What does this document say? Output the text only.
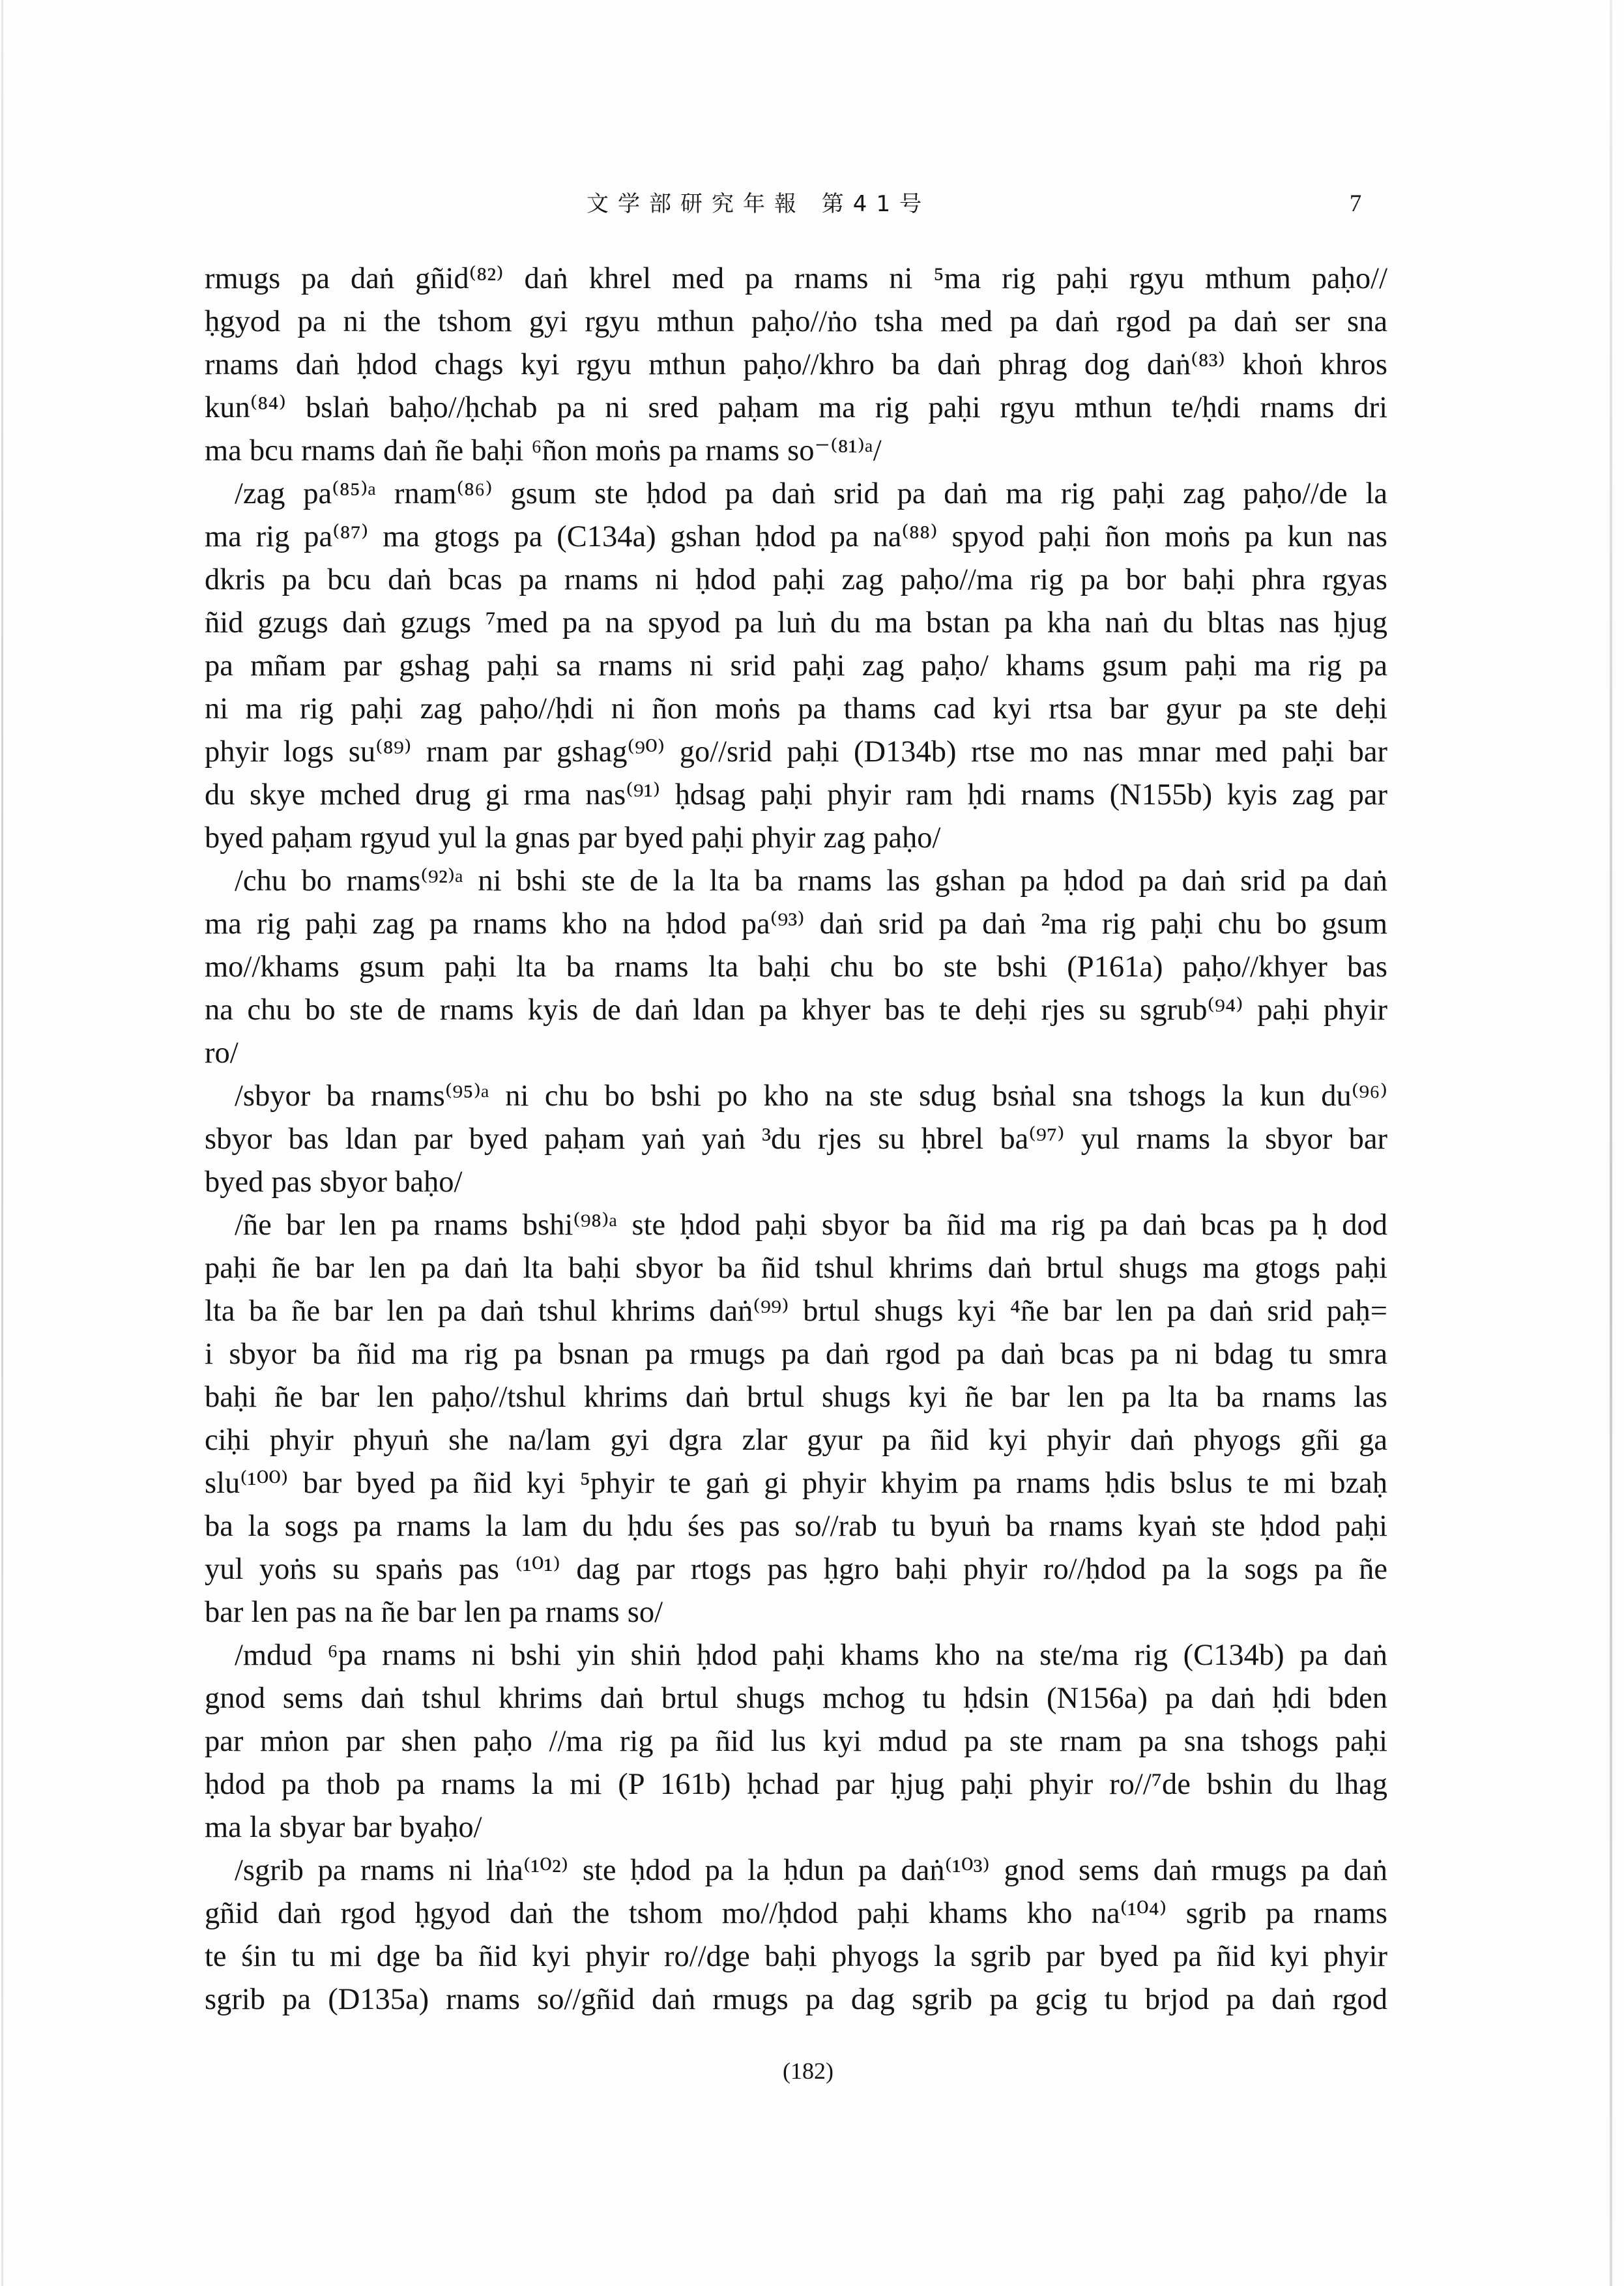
文学部研究年報 第41号	7
rmugs pa daṅ gñid⁽⁸²⁾ daṅ khrel med pa rnams ni ⁵ma rig paḥi rgyu mthum paḥo//
ḥgyod pa ni the tshom gyi rgyu mthun paḥo//ṅo tsha med pa daṅ rgod pa daṅ ser sna
rnams daṅ ḥdod chags kyi rgyu mthun paḥo//khro ba daṅ phrag dog daṅ⁽⁸³⁾ khoṅ khros
kun⁽⁸⁴⁾ bslaṅ baḥo//ḥchab pa ni sred paḥam ma rig paḥi rgyu mthun te/ḥdi rnams dri
ma bcu rnams daṅ ñe baḥi ⁶ñon moṅs pa rnams so⁻⁽⁸¹⁾ᵃ/
/zag pa⁽⁸⁵⁾ᵃ rnam⁽⁸⁶⁾ gsum ste ḥdod pa daṅ srid pa daṅ ma rig paḥi zag paḥo//de la
ma rig pa⁽⁸⁷⁾ ma gtogs pa (C134a) gshan ḥdod pa na⁽⁸⁸⁾ spyod paḥi ñon moṅs pa kun nas
dkris pa bcu daṅ bcas pa rnams ni ḥdod paḥi zag paḥo//ma rig pa bor baḥi phra rgyas
ñid gzugs daṅ gzugs ⁷med pa na spyod pa luṅ du ma bstan pa kha naṅ du bltas nas ḥjug
pa mñam par gshag paḥi sa rnams ni srid paḥi zag paḥo/ khams gsum paḥi ma rig pa
ni ma rig paḥi zag paḥo//ḥdi ni ñon moṅs pa thams cad kyi rtsa bar gyur pa ste deḥi
phyir logs su⁽⁸⁹⁾ rnam par gshag⁽⁹⁰⁾ go//srid paḥi (D134b) rtse mo nas mnar med paḥi bar
du skye mched drug gi rma nas⁽⁹¹⁾ ḥdsag paḥi phyir ram ḥdi rnams (N155b) kyis zag par
byed paḥam rgyud yul la gnas par byed paḥi phyir zag paḥo/
/chu bo rnams⁽⁹²⁾ᵃ ni bshi ste de la lta ba rnams las gshan pa ḥdod pa daṅ srid pa daṅ
ma rig paḥi zag pa rnams kho na ḥdod pa⁽⁹³⁾ daṅ srid pa daṅ ²ma rig paḥi chu bo gsum
mo//khams gsum paḥi lta ba rnams lta baḥi chu bo ste bshi (P161a) paḥo//khyer bas
na chu bo ste de rnams kyis de daṅ ldan pa khyer bas te deḥi rjes su sgrub⁽⁹⁴⁾ paḥi phyir
ro/
/sbyor ba rnams⁽⁹⁵⁾ᵃ ni chu bo bshi po kho na ste sdug bsṅal sna tshogs la kun du⁽⁹⁶⁾
sbyor bas ldan par byed paḥam yaṅ yaṅ ³du rjes su ḥbrel ba⁽⁹⁷⁾ yul rnams la sbyor bar
byed pas sbyor baḥo/
/ñe bar len pa rnams bshi⁽⁹⁸⁾ᵃ ste ḥdod paḥi sbyor ba ñid ma rig pa daṅ bcas pa ḥ dod
paḥi ñe bar len pa daṅ lta baḥi sbyor ba ñid tshul khrims daṅ brtul shugs ma gtogs paḥi
lta ba ñe bar len pa daṅ tshul khrims daṅ⁽⁹⁹⁾ brtul shugs kyi ⁴ñe bar len pa daṅ srid paḥ=
i sbyor ba ñid ma rig pa bsnan pa rmugs pa daṅ rgod pa daṅ bcas pa ni bdag tu smra
baḥi ñe bar len paḥo//tshul khrims daṅ brtul shugs kyi ñe bar len pa lta ba rnams las
ciḥi phyir phyuṅ she na/lam gyi dgra zlar gyur pa ñid kyi phyir daṅ phyogs gñi ga
slu⁽¹⁰⁰⁾ bar byed pa ñid kyi ⁵phyir te gaṅ gi phyir khyim pa rnams ḥdis bslus te mi bzaḥ
ba la sogs pa rnams la lam du ḥdu śes pas so//rab tu byuṅ ba rnams kyaṅ ste ḥdod paḥi
yul yoṅs su spaṅs pas ⁽¹⁰¹⁾ dag par rtogs pas ḥgro baḥi phyir ro//ḥdod pa la sogs pa ñe
bar len pas na ñe bar len pa rnams so/
/mdud ⁶pa rnams ni bshi yin shiṅ ḥdod paḥi khams kho na ste/ma rig (C134b) pa daṅ
gnod sems daṅ tshul khrims daṅ brtul shugs mchog tu ḥdsin (N156a) pa daṅ ḥdi bden
par mṅon par shen paḥo //ma rig pa ñid lus kyi mdud pa ste rnam pa sna tshogs paḥi
ḥdod pa thob pa rnams la mi (P 161b) ḥchad par ḥjug paḥi phyir ro//⁷de bshin du lhag
ma la sbyar bar byaḥo/
/sgrib pa rnams ni lṅa⁽¹⁰²⁾ ste ḥdod pa la ḥdun pa daṅ⁽¹⁰³⁾ gnod sems daṅ rmugs pa daṅ
gñid daṅ rgod ḥgyod daṅ the tshom mo//ḥdod paḥi khams kho na⁽¹⁰⁴⁾ sgrib pa rnams
te śin tu mi dge ba ñid kyi phyir ro//dge baḥi phyogs la sgrib par byed pa ñid kyi phyir
sgrib pa (D135a) rnams so//gñid daṅ rmugs pa dag sgrib pa gcig tu brjod pa daṅ rgod
(182)
